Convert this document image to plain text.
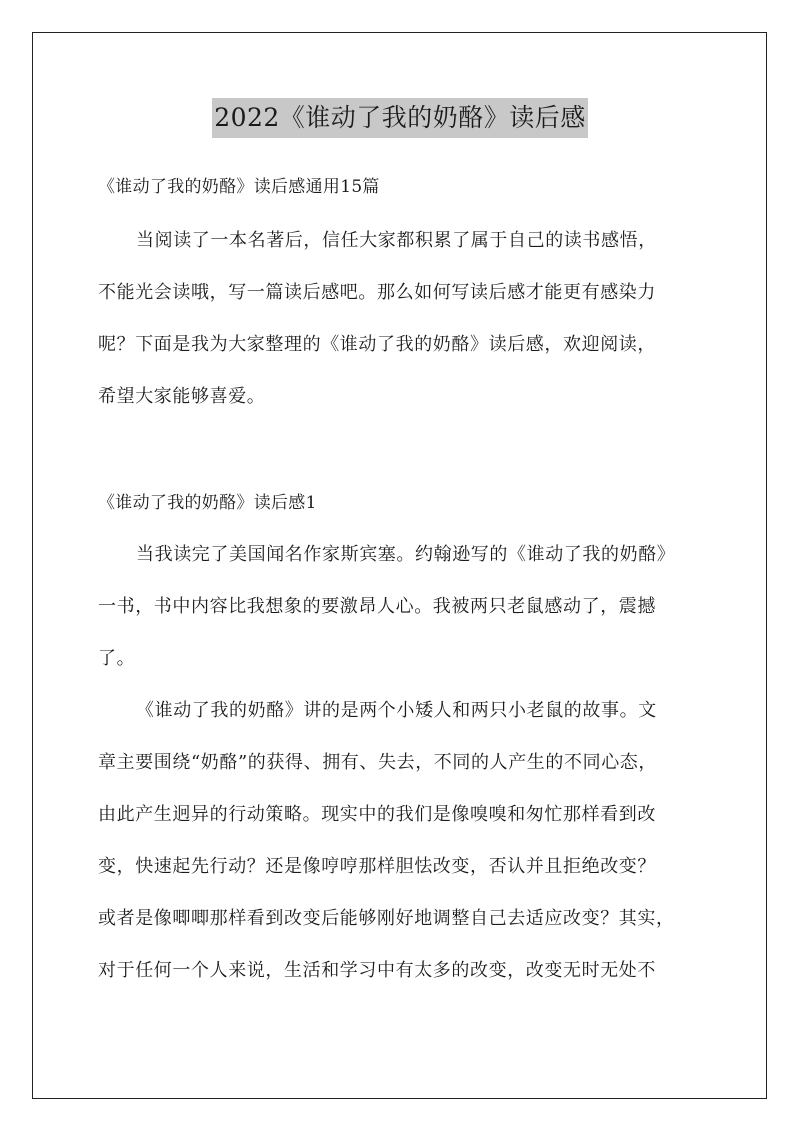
2022《谁动了我的奶酪》读后感
《谁动了我的奶酪》读后感通用15篇
当阅读了一本名著后，信任大家都积累了属于自己的读书感悟，
不能光会读哦，写一篇读后感吧。那么如何写读后感才能更有感染力
呢？下面是我为大家整理的《谁动了我的奶酪》读后感，欢迎阅读，
希望大家能够喜爱。
《谁动了我的奶酪》读后感1
当我读完了美国闻名作家斯宾塞。约翰逊写的《谁动了我的奶酪》
一书，书中内容比我想象的要激昂人心。我被两只老鼠感动了，震撼
了。
《谁动了我的奶酪》讲的是两个小矮人和两只小老鼠的故事。文
章主要围绕“奶酪”的获得、拥有、失去，不同的人产生的不同心态，
由此产生迥异的行动策略。现实中的我们是像嗅嗅和匆忙那样看到改
变，快速起先行动？还是像哼哼那样胆怯改变，否认并且拒绝改变？
或者是像唧唧那样看到改变后能够刚好地调整自己去适应改变？其实，
对于任何一个人来说，生活和学习中有太多的改变，改变无时无处不
